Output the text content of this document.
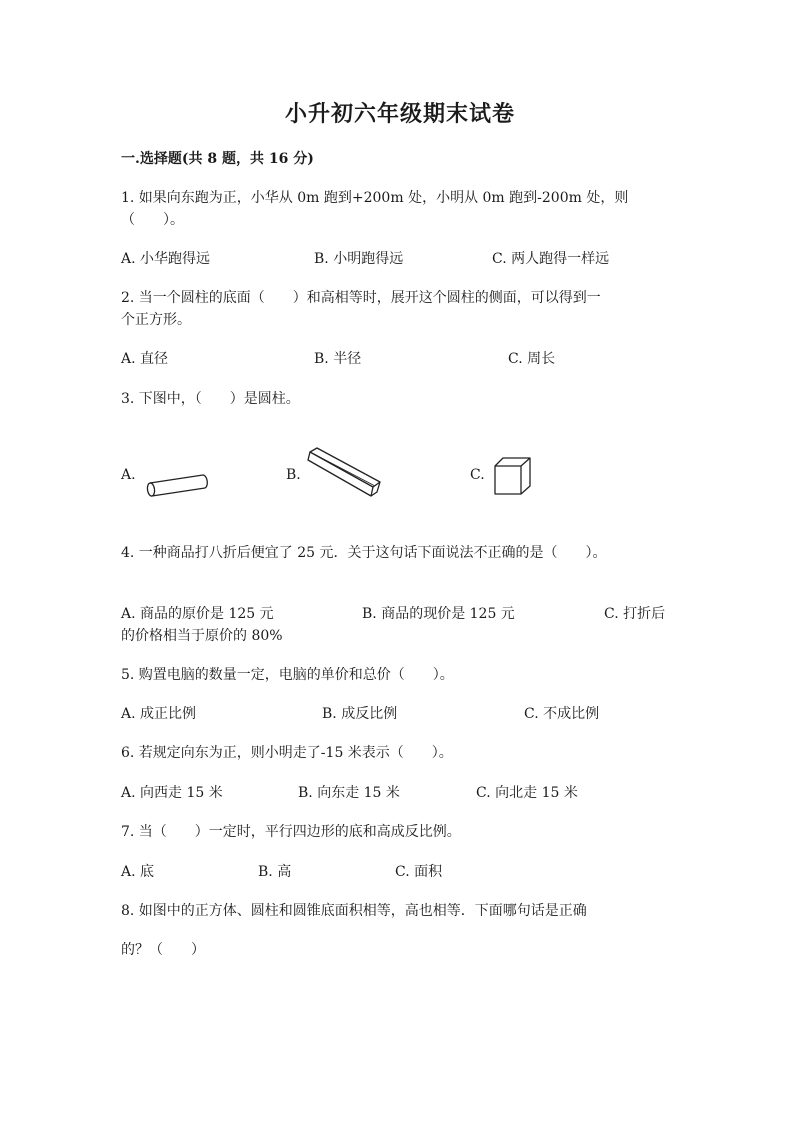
小升初六年级期末试卷
一.选择题(共 8 题，共 16 分)
1. 如果向东跑为正，小华从 0m 跑到+200m 处，小明从 0m 跑到-200m 处，则
（　　）。
A. 小华跑得远	B. 小明跑得远	C. 两人跑得一样远
2. 当一个圆柱的底面（　　）和高相等时，展开这个圆柱的侧面，可以得到一
个正方形。
A. 直径	B. 半径	C. 周长
3. 下图中，（　　）是圆柱。
A.	B.	C.
4. 一种商品打八折后便宜了 25 元．关于这句话下面说法不正确的是（　　）。
A. 商品的原价是 125 元	B. 商品的现价是 125 元	C. 打折后
的价格相当于原价的 80%
5. 购置电脑的数量一定，电脑的单价和总价（　　）。
A. 成正比例	B. 成反比例	C. 不成比例
6. 若规定向东为正，则小明走了-15 米表示（　　）。
A. 向西走 15 米	B. 向东走 15 米	C. 向北走 15 米
7. 当（　　）一定时，平行四边形的底和高成反比例。
A. 底	B. 高	C. 面积
8. 如图中的正方体、圆柱和圆锥底面积相等，高也相等．下面哪句话是正确
的？（　　）
